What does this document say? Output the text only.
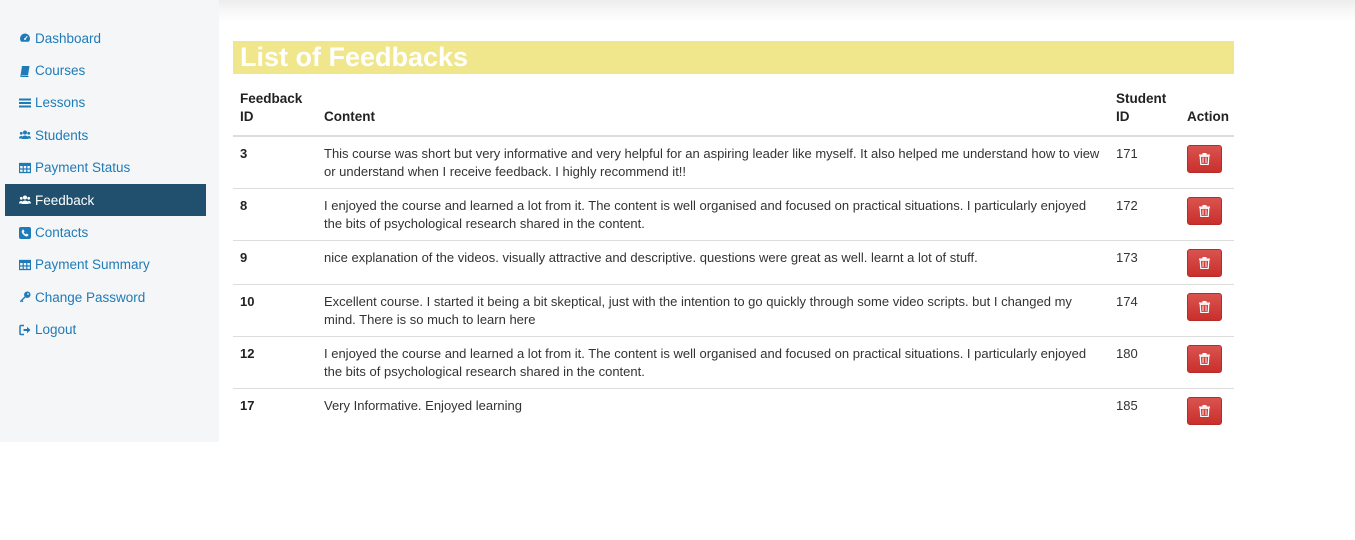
Dashboard
Courses
Lessons
Students
Payment Status
Feedback
Contacts
Payment Summary
Change Password
Logout
List of Feedbacks
Feedback ID	Content	Student ID	Action
3	This course was short but very informative and very helpful for an aspiring leader like myself. It also helped me understand how to view or understand when I receive feedback. I highly recommend it!!	171	

8	I enjoyed the course and learned a lot from it. The content is well organised and focused on practical situations. I particularly enjoyed the bits of psychological research shared in the content.	172	

9	nice explanation of the videos. visually attractive and descriptive. questions were great as well. learnt a lot of stuff.	173	

10	Excellent course. I started it being a bit skeptical, just with the intention to go quickly through some video scripts. but I changed my mind. There is so much to learn here	174	

12	I enjoyed the course and learned a lot from it. The content is well organised and focused on practical situations. I particularly enjoyed the bits of psychological research shared in the content.	180	

17	Very Informative. Enjoyed learning	185	
